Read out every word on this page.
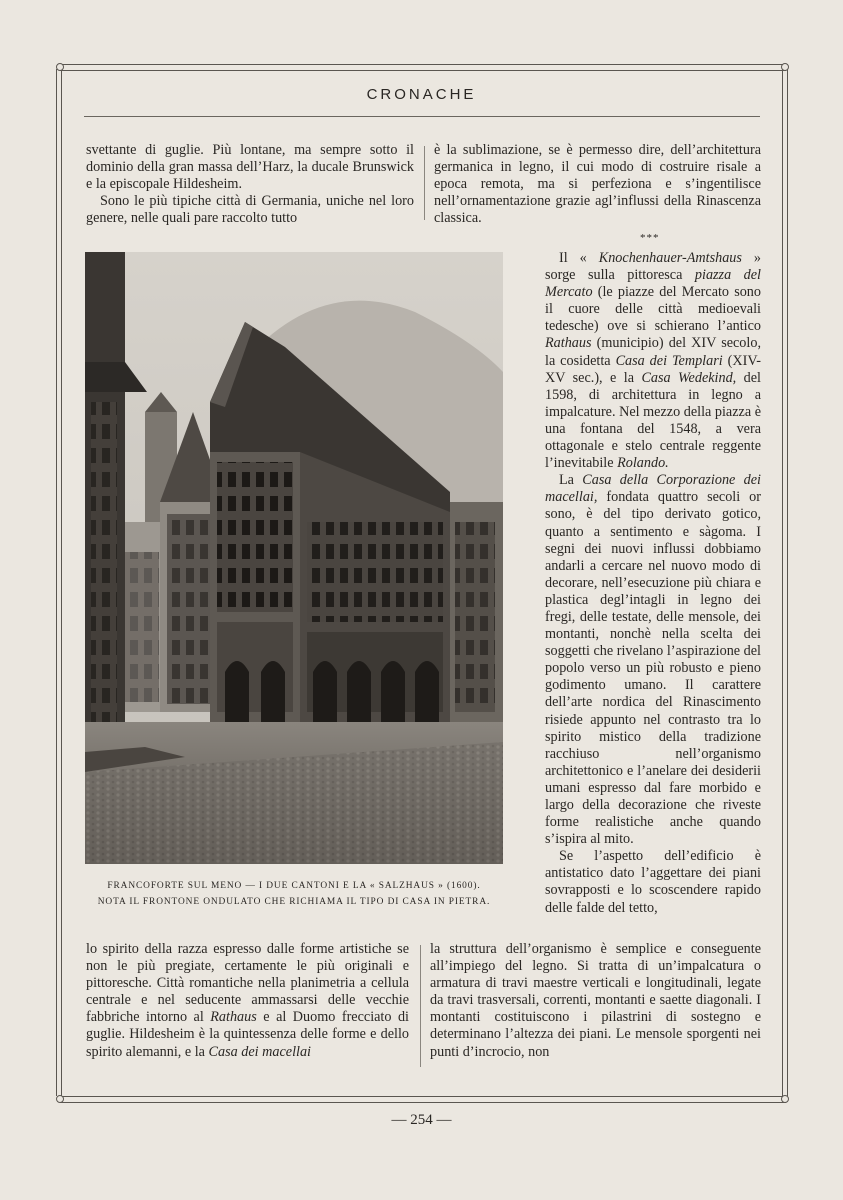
CRONACHE

svettante di guglie. Più lontane, ma sempre sotto il dominio della gran massa dell’Harz, la ducale Brunswick e la episcopale Hildesheim.

Sono le più tipiche città di Germania, uniche nel loro genere, nelle quali pare raccolto tutto

è la sublimazione, se è permesso dire, dell’architettura germanica in legno, il cui modo di costruire risale a epoca remota, ma si perfeziona e s’ingentilisce nell’ornamentazione grazie agl’influssi della Rinascenza classica.

***

Il « Knochenhauer-Amtshaus » sorge sulla pittoresca piazza del Mercato (le piazze del Mercato sono il cuore delle città medioevali tedesche) ove si schierano l’antico Rathaus (municipio) del XIV secolo, la cosidetta Casa dei Templari (XIV-XV sec.), e la Casa Wedekind, del 1598, di architettura in legno a impalcature. Nel mezzo della piazza è una fontana del 1548, a vera ottagonale e stelo centrale reggente l’inevitabile Rolando.

La Casa della Corporazione dei macellai, fondata quattro secoli or sono, è del tipo derivato gotico, quanto a sentimento e sàgoma. I segni dei nuovi influssi dobbiamo andarli a cercare nel nuovo modo di decorare, nell’esecuzione più chiara e plastica degl’intagli in legno dei fregi, delle testate, delle mensole, dei montanti, nonchè nella scelta dei soggetti che rivelano l’aspirazione del popolo verso un più robusto e pieno godimento umano. Il carattere dell’arte nordica del Rinascimento risiede appunto nel contrasto tra lo spirito mistico della tradizione racchiuso nell’organismo architettonico e l’anelare dei desiderii umani espresso dal fare morbido e largo della decorazione che riveste forme realistiche anche quando s’ispira al mito.

Se l’aspetto dell’edificio è antistatico dato l’aggettare dei piani sovrapposti e lo scoscendere rapido delle falde del tetto,

FRANCOFORTE SUL MENO — I DUE CANTONI E LA « SALZHAUS » (1600).
NOTA IL FRONTONE ONDULATO CHE RICHIAMA IL TIPO DI CASA IN PIETRA.

lo spirito della razza espresso dalle forme artistiche se non le più pregiate, certamente le più originali e pittoresche. Città romantiche nella planimetria a cellula centrale e nel seducente ammassarsi delle vecchie fabbriche intorno al Rathaus e al Duomo frecciato di guglie. Hildesheim è la quintessenza delle forme e dello spirito alemanni, e la Casa dei macellai

la struttura dell’organismo è semplice e conseguente all’impiego del legno. Si tratta di un’impalcatura o armatura di travi maestre verticali e longitudinali, legate da travi trasversali, correnti, montanti e saette diagonali. I montanti costituiscono i pilastrini di sostegno e determinano l’altezza dei piani. Le mensole sporgenti nei punti d’incrocio, non

— 254 —
